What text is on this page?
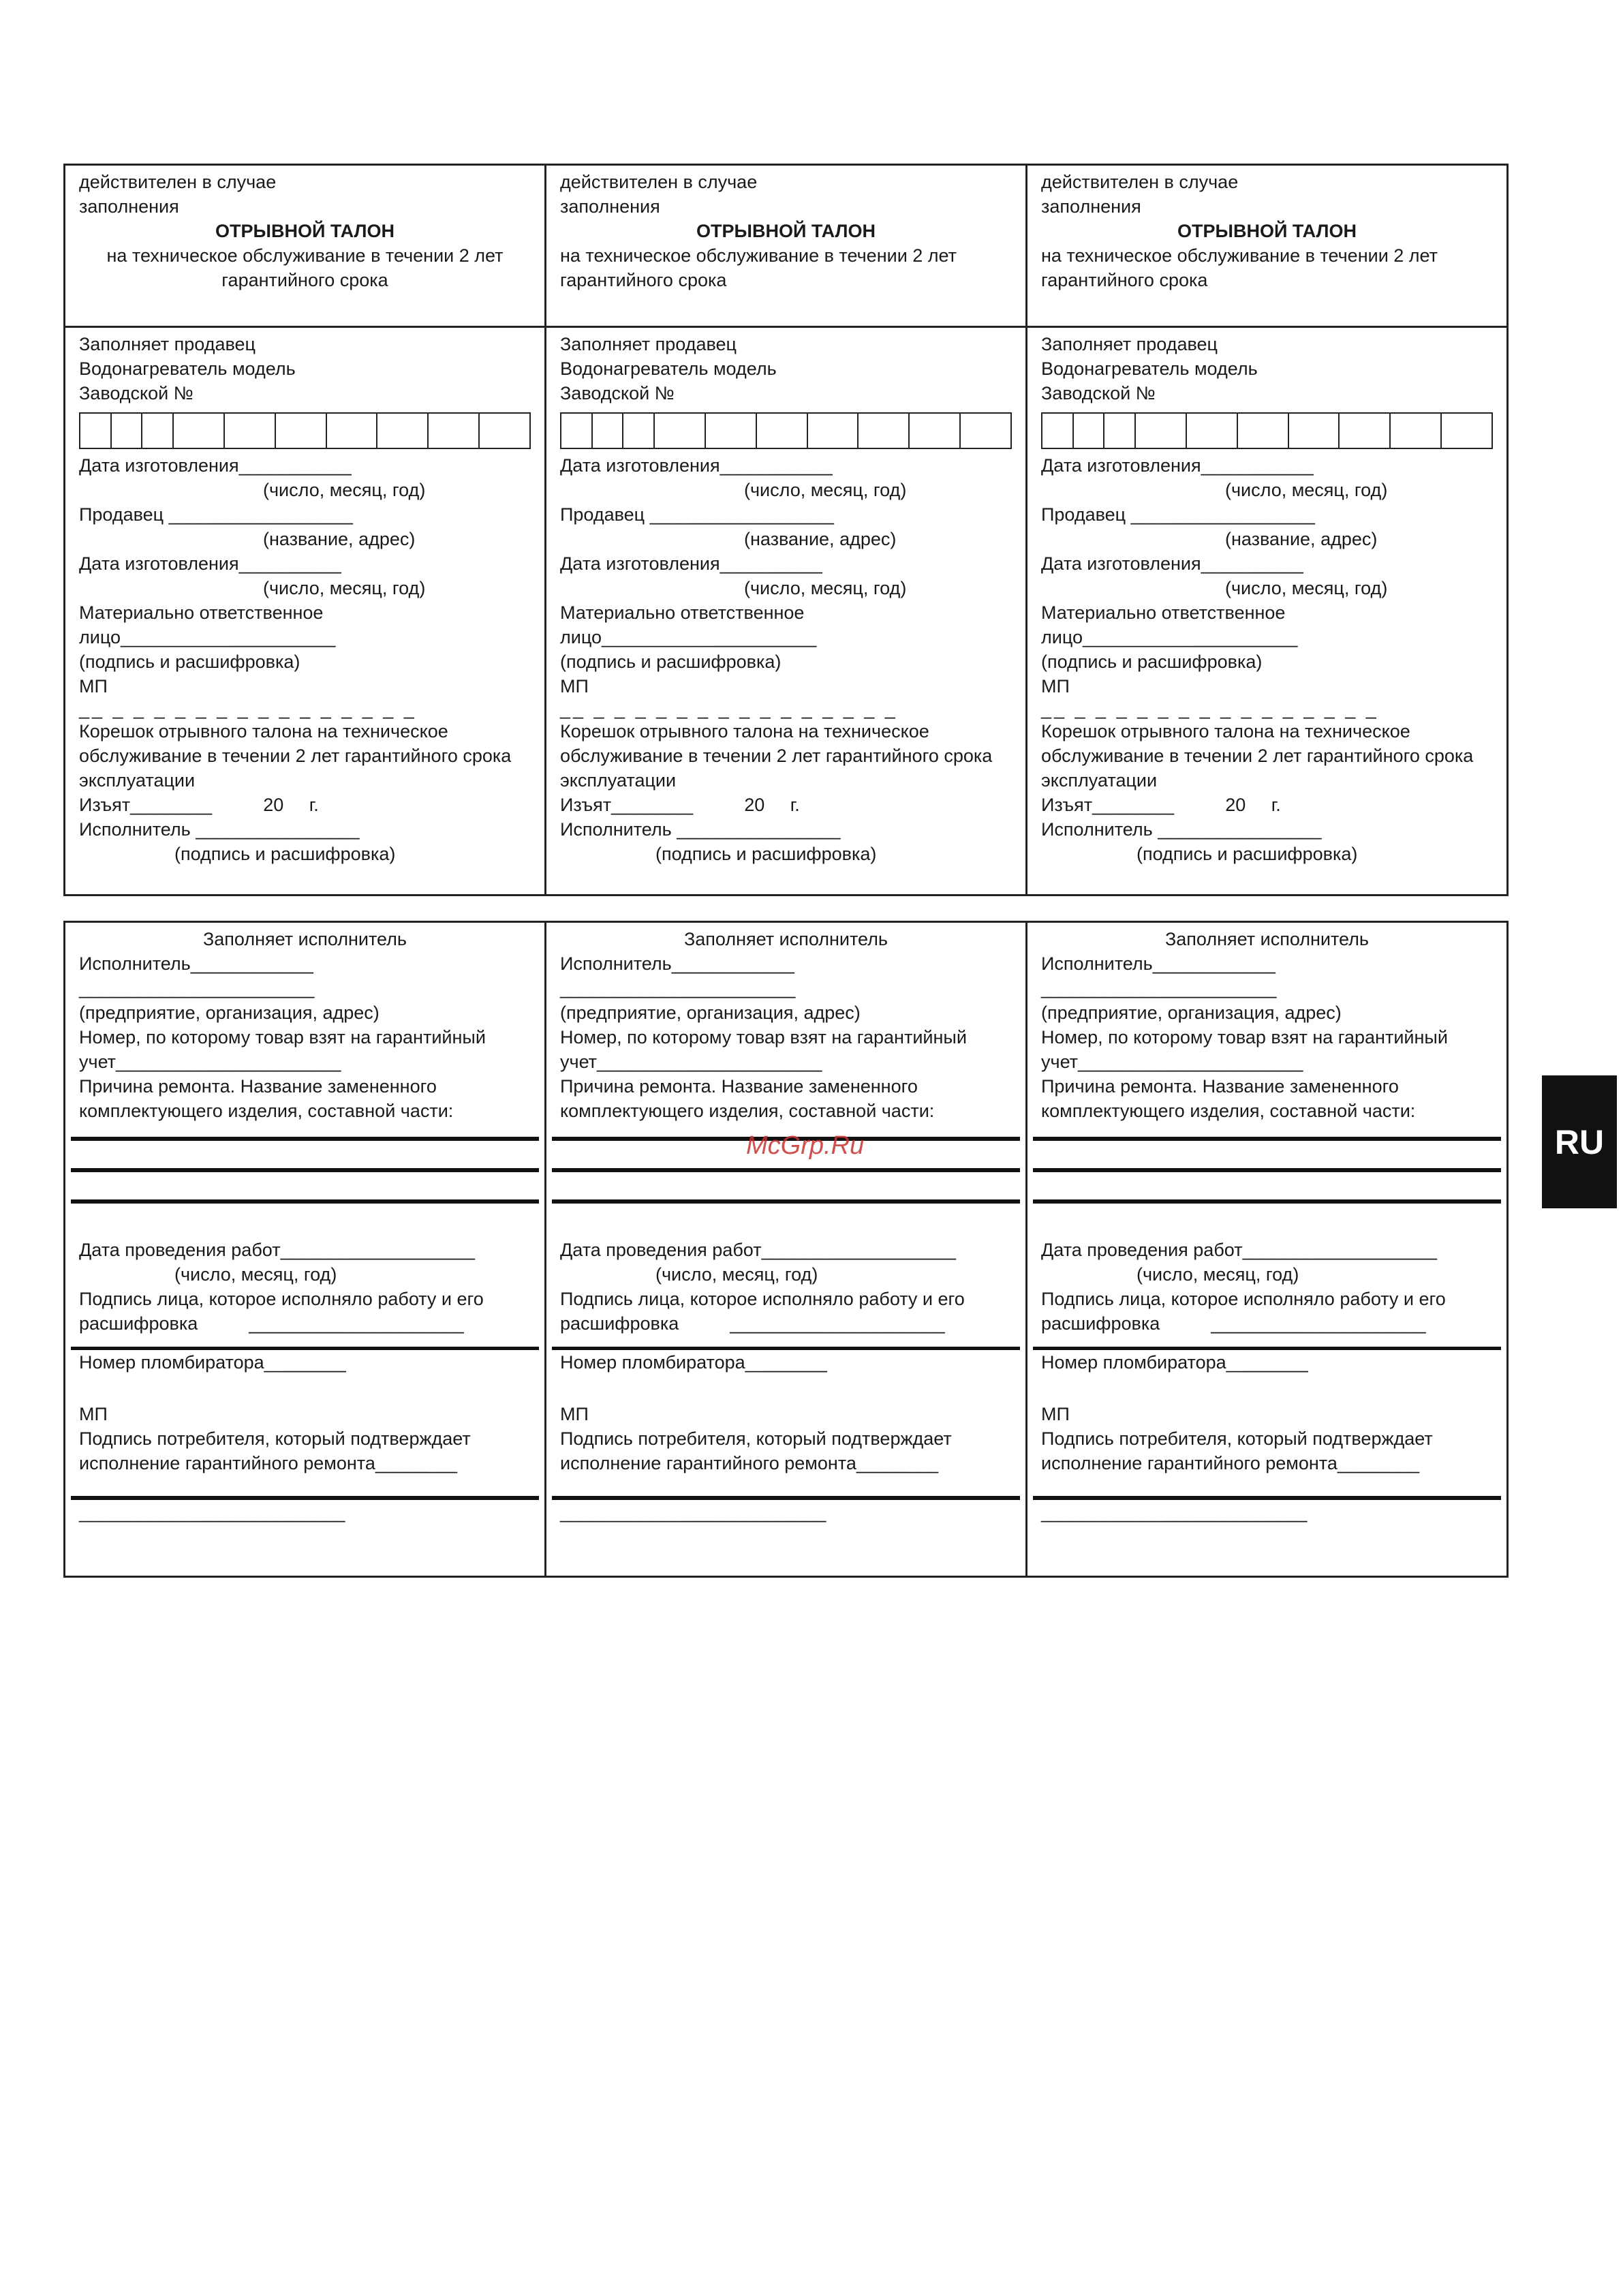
действителен в случае
заполнения
ОТРЫВНОЙ ТАЛОН
на техническое обслуживание в течении 2 лет
гарантийного срока
Заполняет продавец
Водонагреватель модель
Заводской №
Дата изготовления___________
(число, месяц, год)
Продавец __________________
(название, адрес)
Дата изготовления__________
(число, месяц, год)
Материально ответственное
лицо_____________________
(подпись и расшифровка)
МП
__ _ _ _ _ _ _ _ _ _ _ _ _ _ _ _
Корешок отрывного талона на техническое
обслуживание в течении 2 лет гарантийного срока
эксплуатации
Изъят________          20     г.
Исполнитель ________________
(подпись и расшифровка)
действителен в случае
заполнения
ОТРЫВНОЙ ТАЛОН
на техническое обслуживание в течении 2 лет
гарантийного срока
Заполняет продавец
Водонагреватель модель
Заводской №
Дата изготовления___________
(число, месяц, год)
Продавец __________________
(название, адрес)
Дата изготовления__________
(число, месяц, год)
Материально ответственное
лицо_____________________
(подпись и расшифровка)
МП
__ _ _ _ _ _ _ _ _ _ _ _ _ _ _ _
Корешок отрывного талона на техническое
обслуживание в течении 2 лет гарантийного срока
эксплуатации
Изъят________          20     г.
Исполнитель ________________
(подпись и расшифровка)
действителен в случае
заполнения
ОТРЫВНОЙ ТАЛОН
на техническое обслуживание в течении 2 лет
гарантийного срока
Заполняет продавец
Водонагреватель модель
Заводской №
Дата изготовления___________
(число, месяц, год)
Продавец __________________
(название, адрес)
Дата изготовления__________
(число, месяц, год)
Материально ответственное
лицо_____________________
(подпись и расшифровка)
МП
__ _ _ _ _ _ _ _ _ _ _ _ _ _ _ _
Корешок отрывного талона на техническое
обслуживание в течении 2 лет гарантийного срока
эксплуатации
Изъят________          20     г.
Исполнитель ________________
(подпись и расшифровка)
Заполняет исполнитель
Исполнитель____________
_______________________
(предприятие, организация, адрес)
Номер, по которому товар взят на гарантийный
учет______________________
Причина ремонта. Название замененного
комплектующего изделия, составной части:
Дата проведения работ___________________
(число, месяц, год)
Подпись лица, которое исполняло работу и его
расшифровка          _____________________
Номер пломбиратора________
МП
Подпись потребителя, который подтверждает
исполнение гарантийного ремонта________
__________________________
Заполняет исполнитель
Исполнитель____________
_______________________
(предприятие, организация, адрес)
Номер, по которому товар взят на гарантийный
учет______________________
Причина ремонта. Название замененного
комплектующего изделия, составной части:
Дата проведения работ___________________
(число, месяц, год)
Подпись лица, которое исполняло работу и его
расшифровка          _____________________
Номер пломбиратора________
МП
Подпись потребителя, который подтверждает
исполнение гарантийного ремонта________
__________________________
Заполняет исполнитель
Исполнитель____________
_______________________
(предприятие, организация, адрес)
Номер, по которому товар взят на гарантийный
учет______________________
Причина ремонта. Название замененного
комплектующего изделия, составной части:
Дата проведения работ___________________
(число, месяц, год)
Подпись лица, которое исполняло работу и его
расшифровка          _____________________
Номер пломбиратора________
МП
Подпись потребителя, который подтверждает
исполнение гарантийного ремонта________
__________________________
McGrp.Ru	RU
